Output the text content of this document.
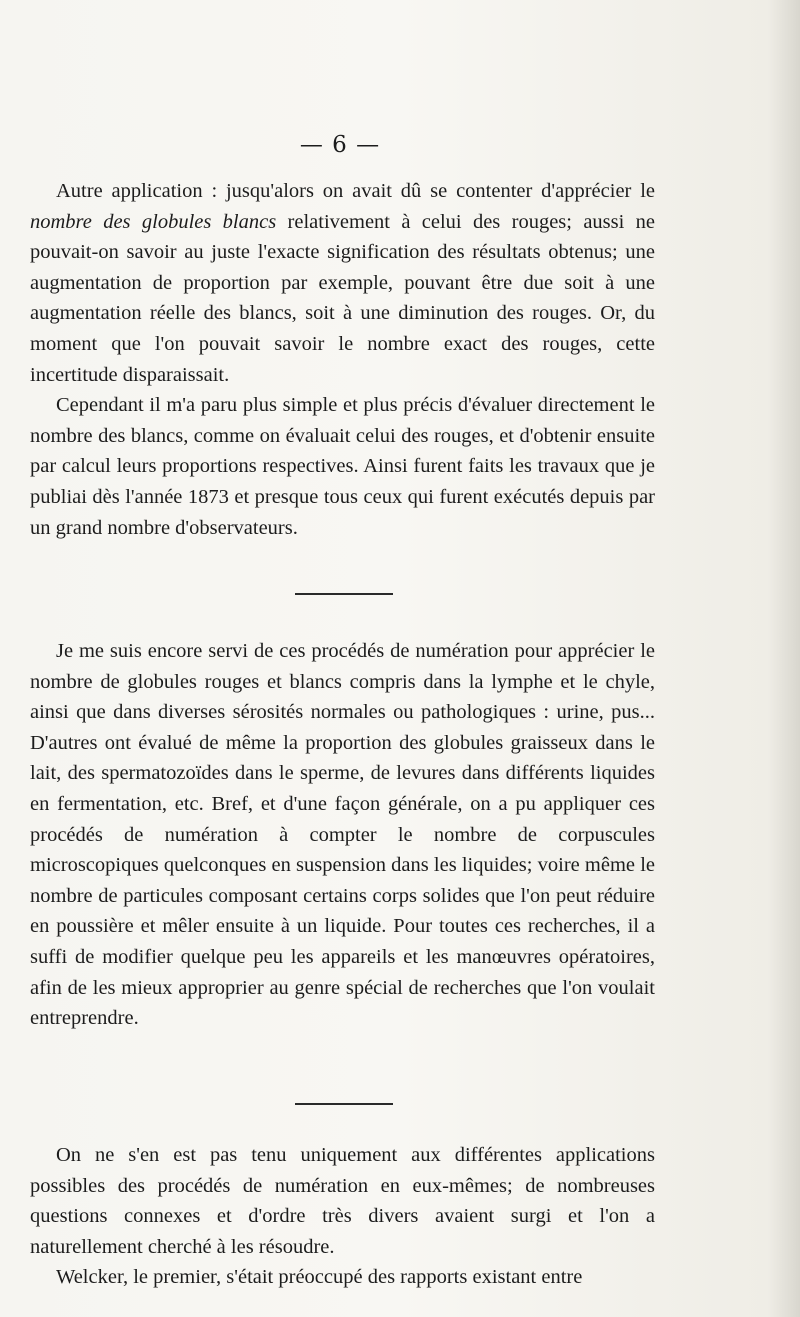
— 6 —

Autre application : jusqu'alors on avait dû se contenter d'apprécier le nombre des globules blancs relativement à celui des rouges; aussi ne pouvait-on savoir au juste l'exacte signification des résultats obtenus; une augmentation de proportion par exemple, pouvant être due soit à une augmentation réelle des blancs, soit à une diminution des rouges. Or, du moment que l'on pouvait savoir le nombre exact des rouges, cette incertitude disparaissait.

Cependant il m'a paru plus simple et plus précis d'évaluer directement le nombre des blancs, comme on évaluait celui des rouges, et d'obtenir ensuite par calcul leurs proportions respectives. Ainsi furent faits les travaux que je publiai dès l'année 1873 et presque tous ceux qui furent exécutés depuis par un grand nombre d'observateurs.

Je me suis encore servi de ces procédés de numération pour apprécier le nombre de globules rouges et blancs compris dans la lymphe et le chyle, ainsi que dans diverses sérosités normales ou pathologiques : urine, pus... D'autres ont évalué de même la proportion des globules graisseux dans le lait, des spermatozoïdes dans le sperme, de levures dans différents liquides en fermentation, etc. Bref, et d'une façon générale, on a pu appliquer ces procédés de numération à compter le nombre de corpuscules microscopiques quelconques en suspension dans les liquides; voire même le nombre de particules composant certains corps solides que l'on peut réduire en poussière et mêler ensuite à un liquide. Pour toutes ces recherches, il a suffi de modifier quelque peu les appareils et les manœuvres opératoires, afin de les mieux approprier au genre spécial de recherches que l'on voulait entreprendre.

On ne s'en est pas tenu uniquement aux différentes applications possibles des procédés de numération en eux-mêmes; de nombreuses questions connexes et d'ordre très divers avaient surgi et l'on a naturellement cherché à les résoudre.

Welcker, le premier, s'était préoccupé des rapports existant entre
